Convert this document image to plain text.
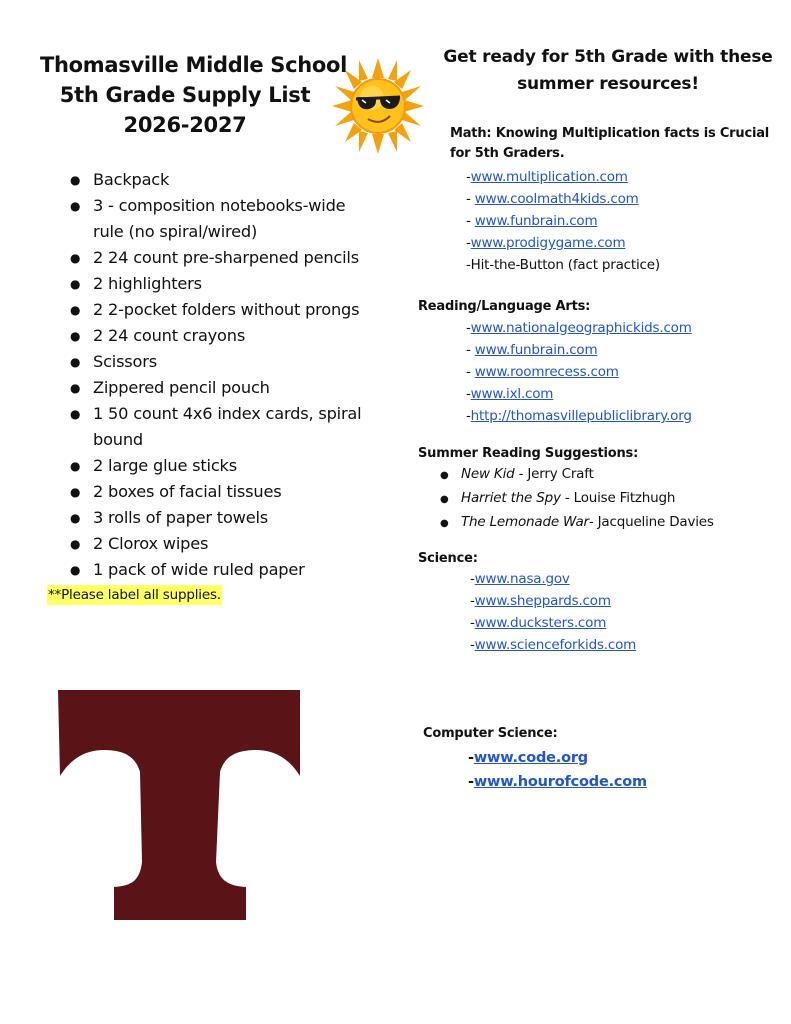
Thomasville Middle School
5th Grade Supply List
2026-2027
● Backpack
● 3 - composition notebooks-wide
rule (no spiral/wired)
● 2 24 count pre-sharpened pencils
● 2 highlighters
● 2 2-pocket folders without prongs
● 2 24 count crayons
● Scissors
● Zippered pencil pouch
● 1 50 count 4x6 index cards, spiral
bound
● 2 large glue sticks
● 2 boxes of facial tissues
● 3 rolls of paper towels
● 2 Clorox wipes
● 1 pack of wide ruled paper
**Please label all supplies.
Get ready for 5th Grade with these
summer resources!
Math: Knowing Multiplication facts is Crucial
for 5th Graders.
-www.multiplication.com
- www.coolmath4kids.com
- www.funbrain.com
-www.prodigygame.com
-Hit-the-Button (fact practice)
Reading/Language Arts:
-www.nationalgeographickids.com
- www.funbrain.com
- www.roomrecess.com
-www.ixl.com
-http://thomasvillepubliclibrary.org
Summer Reading Suggestions:
● New Kid - Jerry Craft
● Harriet the Spy - Louise Fitzhugh
● The Lemonade War- Jacqueline Davies
Science:
-www.nasa.gov
-www.sheppards.com
-www.ducksters.com
-www.scienceforkids.com
Computer Science:
-www.code.org
-www.hourofcode.com
